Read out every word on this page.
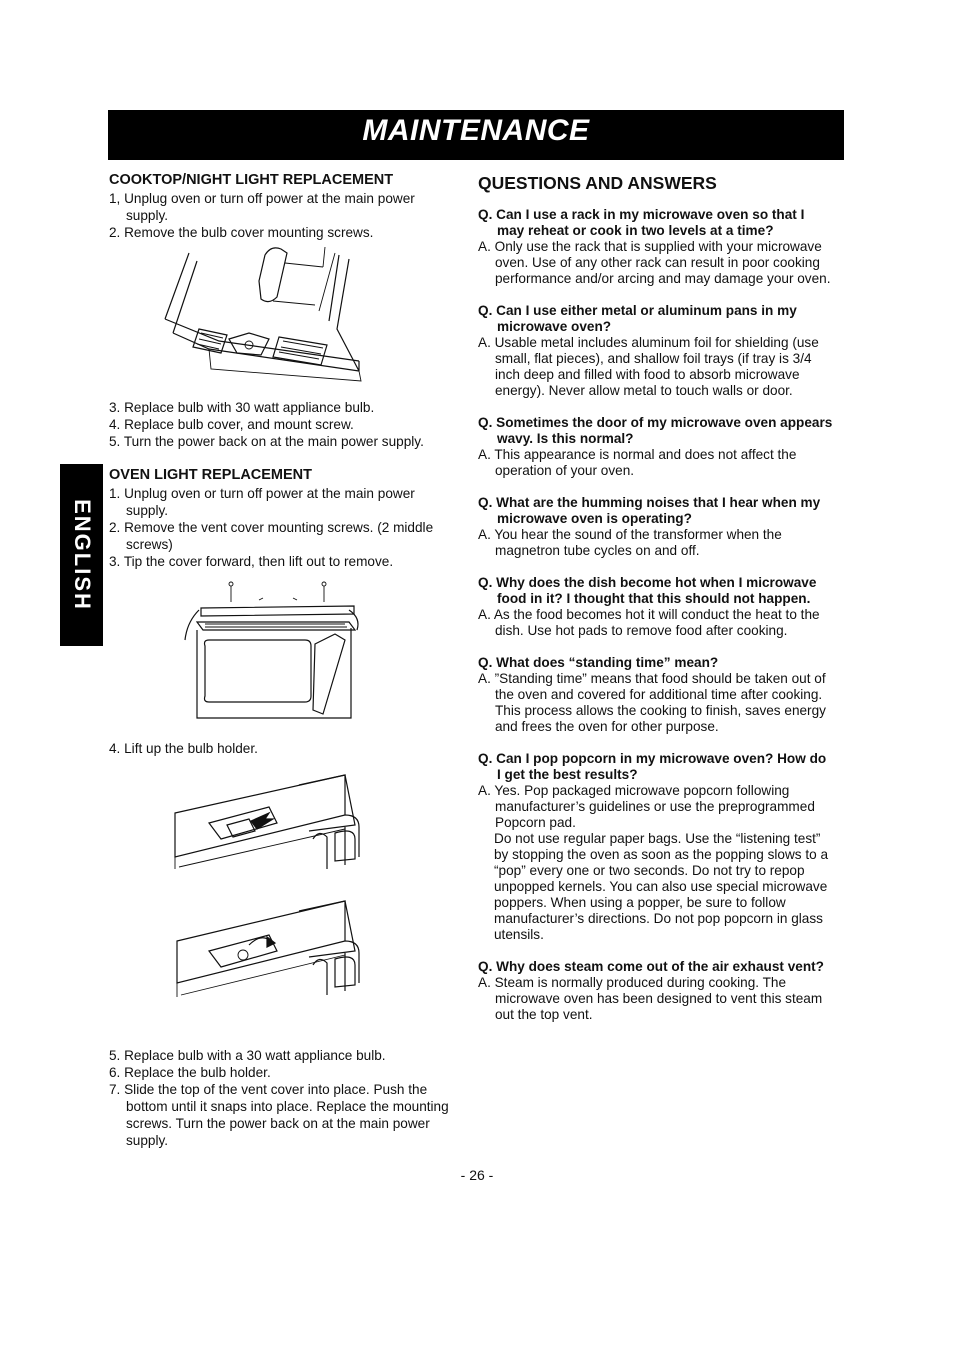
MAINTENANCE
ENGLISH
COOKTOP/NIGHT LIGHT REPLACEMENT

1, Unplug oven or turn off power at the main power supply.

2. Remove the bulb cover mounting screws.

3. Replace bulb with 30 watt appliance bulb.

4. Replace bulb cover, and mount screw.

5. Turn the power back on at the main power supply.

OVEN LIGHT REPLACEMENT

1. Unplug oven or turn off power at the main power supply.

2. Remove the vent cover mounting screws. (2 middle screws)

3. Tip the cover forward, then lift out to remove.

4. Lift up the bulb holder.

5. Replace bulb with a 30 watt appliance bulb.

6. Replace the bulb holder.

7. Slide the top of the vent cover into place. Push the bottom until it snaps into place. Replace the mounting screws. Turn the power back on at the main power supply.

QUESTIONS AND ANSWERS

Q. Can I use a rack in my microwave oven so that I may reheat or cook in two levels at a time?

A. Only use the rack that is supplied with your microwave oven. Use of any other rack can result in poor cooking performance and/or arcing and may damage your oven.

Q. Can I use either metal or aluminum pans in my microwave oven?

A. Usable metal includes aluminum foil for shielding (use small, flat pieces), and shallow foil trays (if tray is 3/4 inch deep and filled with food to absorb microwave energy). Never allow metal to touch walls or door.

Q. Sometimes the door of my microwave oven appears wavy. Is this normal?

A. This appearance is normal and does not affect the operation of your oven.

Q. What are the humming noises that I hear when my microwave oven is operating?

A. You hear the sound of the transformer when the magnetron tube cycles on and off.

Q. Why does the dish become hot when I microwave food in it? I thought that this should not happen.

A. As the food becomes hot it will conduct the heat to the dish. Use hot pads to remove food after cooking.

Q. What does “standing time” mean?

A. ”Standing time” means that food should be taken out of the oven and covered for additional time after cooking. This process allows the cooking to finish, saves energy and frees the oven for other purpose.

Q. Can I pop popcorn in my microwave oven? How do I get the best results?

A. Yes. Pop packaged microwave popcorn following manufacturer’s guidelines or use the preprogrammed Popcorn pad.

Do not use regular paper bags. Use the “listening test” by stopping the oven as soon as the popping slows to a “pop” every one or two seconds. Do not try to repop unpopped kernels. You can also use special microwave poppers. When using a popper, be sure to follow manufacturer’s directions. Do not pop popcorn in glass utensils.

Q. Why does steam come out of the air exhaust vent?

A. Steam is normally produced during cooking. The microwave oven has been designed to vent this steam out the top vent.

- 26 -
